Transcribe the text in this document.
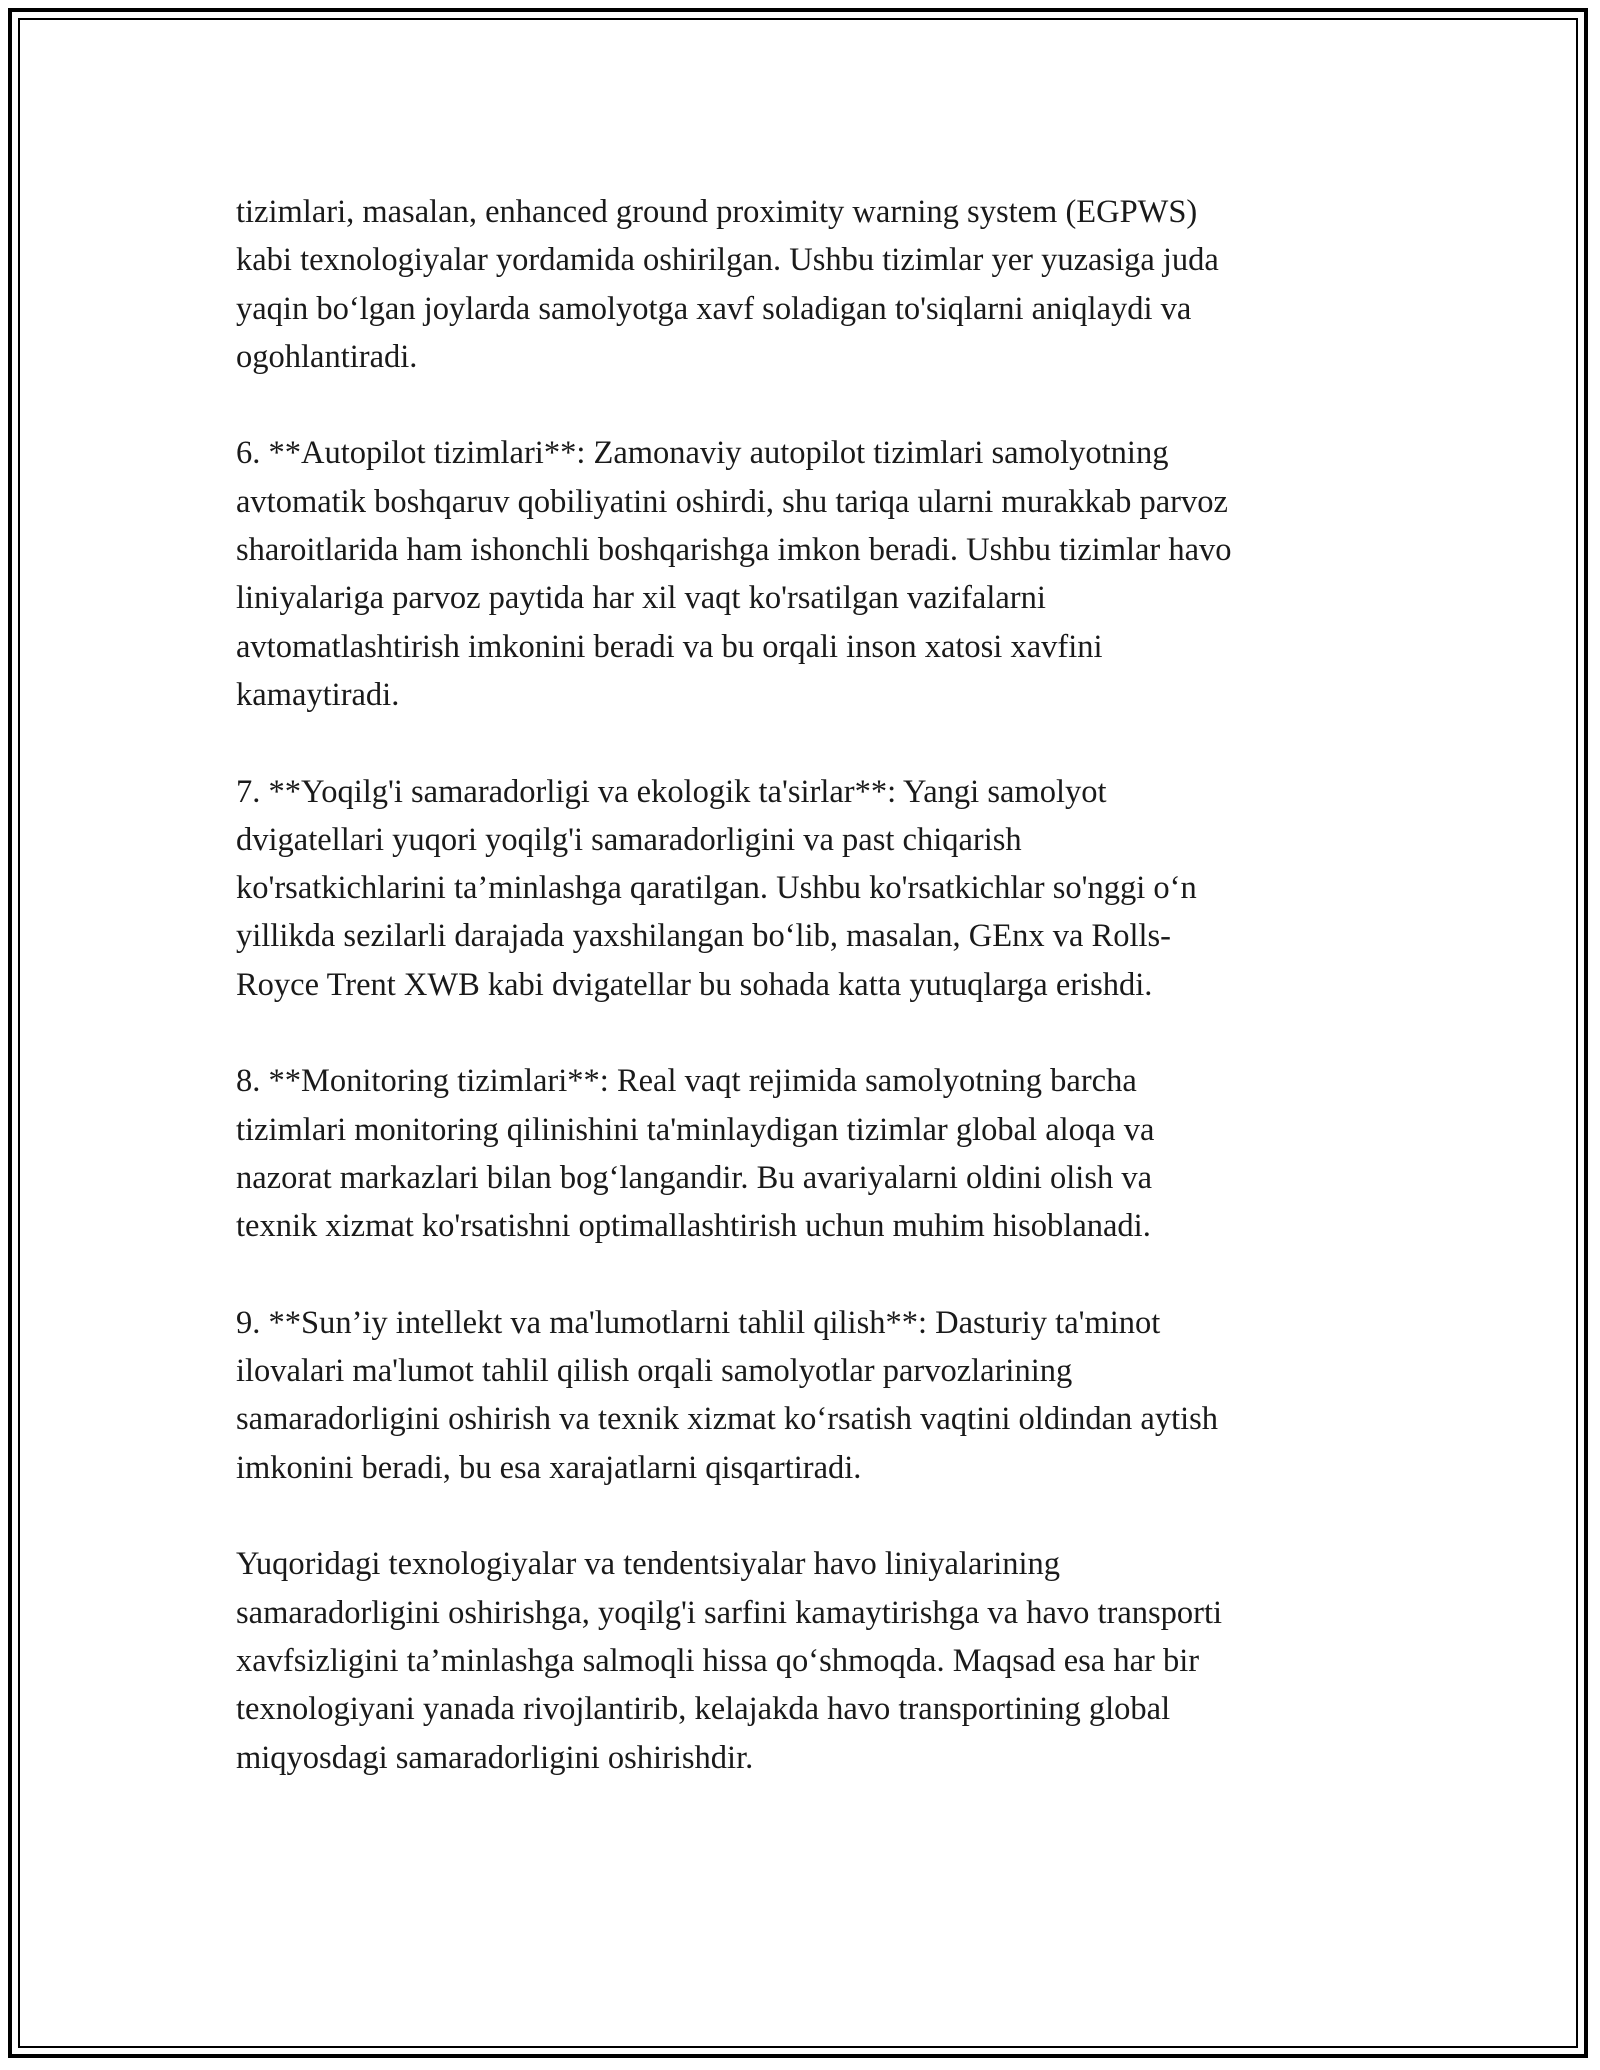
tizimlari, masalan, enhanced ground proximity warning system (EGPWS)
kabi texnologiyalar yordamida oshirilgan. Ushbu tizimlar yer yuzasiga juda
yaqin bo‘lgan joylarda samolyotga xavf soladigan to'siqlarni aniqlaydi va
ogohlantiradi.

6. **Autopilot tizimlari**: Zamonaviy autopilot tizimlari samolyotning
avtomatik boshqaruv qobiliyatini oshirdi, shu tariqa ularni murakkab parvoz
sharoitlarida ham ishonchli boshqarishga imkon beradi. Ushbu tizimlar havo
liniyalariga parvoz paytida har xil vaqt ko'rsatilgan vazifalarni
avtomatlashtirish imkonini beradi va bu orqali inson xatosi xavfini
kamaytiradi.

7. **Yoqilg'i samaradorligi va ekologik ta'sirlar**: Yangi samolyot
dvigatellari yuqori yoqilg'i samaradorligini va past chiqarish
ko'rsatkichlarini ta’minlashga qaratilgan. Ushbu ko'rsatkichlar so'nggi o‘n
yillikda sezilarli darajada yaxshilangan bo‘lib, masalan, GEnx va Rolls-
Royce Trent XWB kabi dvigatellar bu sohada katta yutuqlarga erishdi.

8. **Monitoring tizimlari**: Real vaqt rejimida samolyotning barcha
tizimlari monitoring qilinishini ta'minlaydigan tizimlar global aloqa va
nazorat markazlari bilan bog‘langandir. Bu avariyalarni oldini olish va
texnik xizmat ko'rsatishni optimallashtirish uchun muhim hisoblanadi.

9. **Sun’iy intellekt va ma'lumotlarni tahlil qilish**: Dasturiy ta'minot
ilovalari ma'lumot tahlil qilish orqali samolyotlar parvozlarining
samaradorligini oshirish va texnik xizmat ko‘rsatish vaqtini oldindan aytish
imkonini beradi, bu esa xarajatlarni qisqartiradi.

Yuqoridagi texnologiyalar va tendentsiyalar havo liniyalarining
samaradorligini oshirishga, yoqilg'i sarfini kamaytirishga va havo transporti
xavfsizligini ta’minlashga salmoqli hissa qo‘shmoqda. Maqsad esa har bir
texnologiyani yanada rivojlantirib, kelajakda havo transportining global
miqyosdagi samaradorligini oshirishdir.
